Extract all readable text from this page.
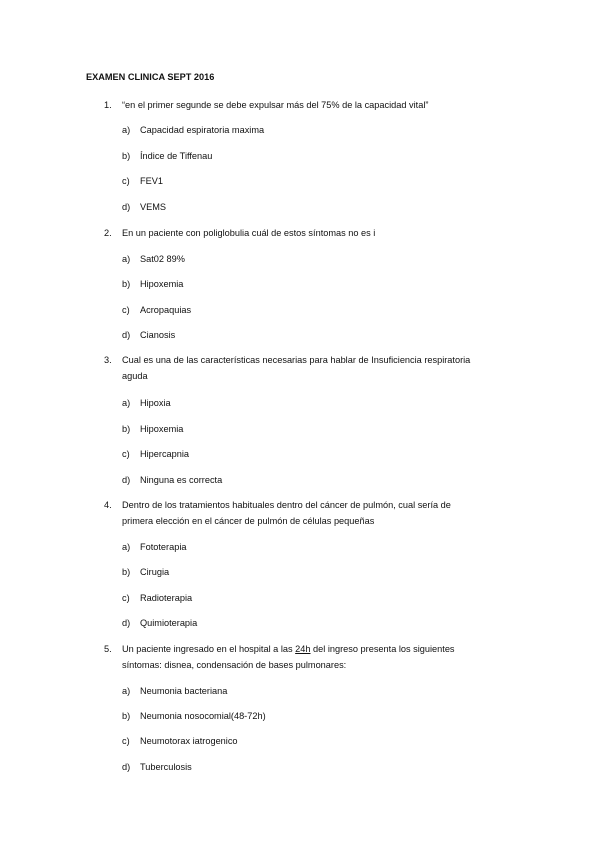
EXAMEN CLINICA SEPT 2016
1.	“en el primer segunde se debe expulsar más del 75% de la capacidad vital”
a) Capacidad espiratoria maxima
b) Índice de Tiffenau
c) FEV1
d) VEMS
2.	En un paciente con poliglobulia cuál de estos síntomas no es i
a) Sat02 89%
b) Hipoxemia
c) Acropaquias
d) Cianosis
3.	Cual es una de las características necesarias para hablar de Insuficiencia respiratoria
aguda
a) Hipoxia
b) Hipoxemia
c) Hipercapnia
d) Ninguna es correcta
4.	Dentro de los tratamientos habituales dentro del cáncer de pulmón, cual sería de
primera elección en el cáncer de pulmón de células pequeñas
a) Fototerapia
b) Cirugia
c) Radioterapia
d) Quimioterapia
5.	Un paciente ingresado en el hospital a las 24h del ingreso presenta los siguientes
síntomas: disnea, condensación de bases pulmonares:
a) Neumonia bacteriana
b) Neumonia nosocomial(48-72h)
c) Neumotorax iatrogenico
d) Tuberculosis
